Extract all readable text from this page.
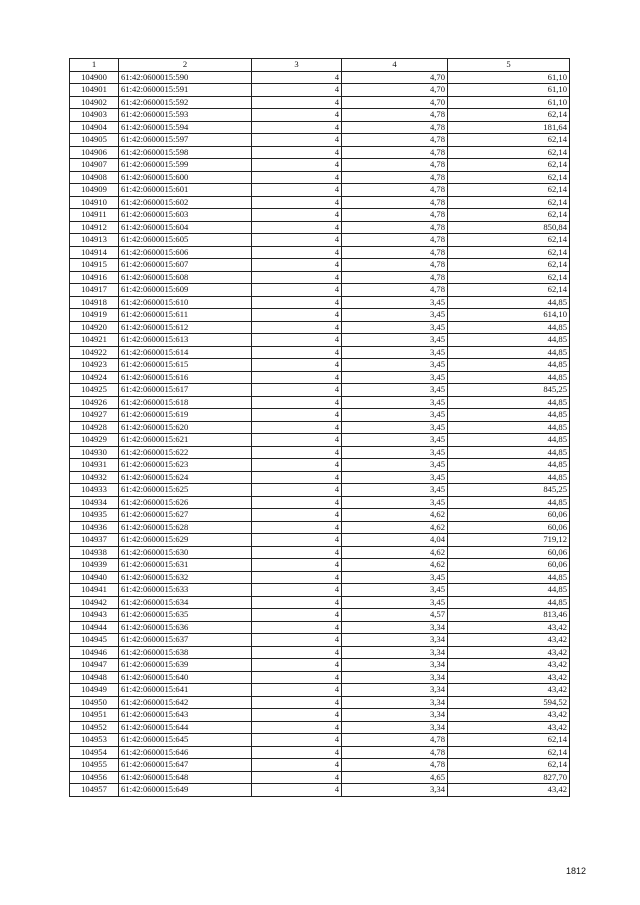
1	2	3	4	5
104900	61:42:0600015:590	4	4,70	61,10
104901	61:42:0600015:591	4	4,70	61,10
104902	61:42:0600015:592	4	4,70	61,10
104903	61:42:0600015:593	4	4,78	62,14
104904	61:42:0600015:594	4	4,78	181,64
104905	61:42:0600015:597	4	4,78	62,14
104906	61:42:0600015:598	4	4,78	62,14
104907	61:42:0600015:599	4	4,78	62,14
104908	61:42:0600015:600	4	4,78	62,14
104909	61:42:0600015:601	4	4,78	62,14
104910	61:42:0600015:602	4	4,78	62,14
104911	61:42:0600015:603	4	4,78	62,14
104912	61:42:0600015:604	4	4,78	850,84
104913	61:42:0600015:605	4	4,78	62,14
104914	61:42:0600015:606	4	4,78	62,14
104915	61:42:0600015:607	4	4,78	62,14
104916	61:42:0600015:608	4	4,78	62,14
104917	61:42:0600015:609	4	4,78	62,14
104918	61:42:0600015:610	4	3,45	44,85
104919	61:42:0600015:611	4	3,45	614,10
104920	61:42:0600015:612	4	3,45	44,85
104921	61:42:0600015:613	4	3,45	44,85
104922	61:42:0600015:614	4	3,45	44,85
104923	61:42:0600015:615	4	3,45	44,85
104924	61:42:0600015:616	4	3,45	44,85
104925	61:42:0600015:617	4	3,45	845,25
104926	61:42:0600015:618	4	3,45	44,85
104927	61:42:0600015:619	4	3,45	44,85
104928	61:42:0600015:620	4	3,45	44,85
104929	61:42:0600015:621	4	3,45	44,85
104930	61:42:0600015:622	4	3,45	44,85
104931	61:42:0600015:623	4	3,45	44,85
104932	61:42:0600015:624	4	3,45	44,85
104933	61:42:0600015:625	4	3,45	845,25
104934	61:42:0600015:626	4	3,45	44,85
104935	61:42:0600015:627	4	4,62	60,06
104936	61:42:0600015:628	4	4,62	60,06
104937	61:42:0600015:629	4	4,04	719,12
104938	61:42:0600015:630	4	4,62	60,06
104939	61:42:0600015:631	4	4,62	60,06
104940	61:42:0600015:632	4	3,45	44,85
104941	61:42:0600015:633	4	3,45	44,85
104942	61:42:0600015:634	4	3,45	44,85
104943	61:42:0600015:635	4	4,57	813,46
104944	61:42:0600015:636	4	3,34	43,42
104945	61:42:0600015:637	4	3,34	43,42
104946	61:42:0600015:638	4	3,34	43,42
104947	61:42:0600015:639	4	3,34	43,42
104948	61:42:0600015:640	4	3,34	43,42
104949	61:42:0600015:641	4	3,34	43,42
104950	61:42:0600015:642	4	3,34	594,52
104951	61:42:0600015:643	4	3,34	43,42
104952	61:42:0600015:644	4	3,34	43,42
104953	61:42:0600015:645	4	4,78	62,14
104954	61:42:0600015:646	4	4,78	62,14
104955	61:42:0600015:647	4	4,78	62,14
104956	61:42:0600015:648	4	4,65	827,70
104957	61:42:0600015:649	4	3,34	43,42
1812
